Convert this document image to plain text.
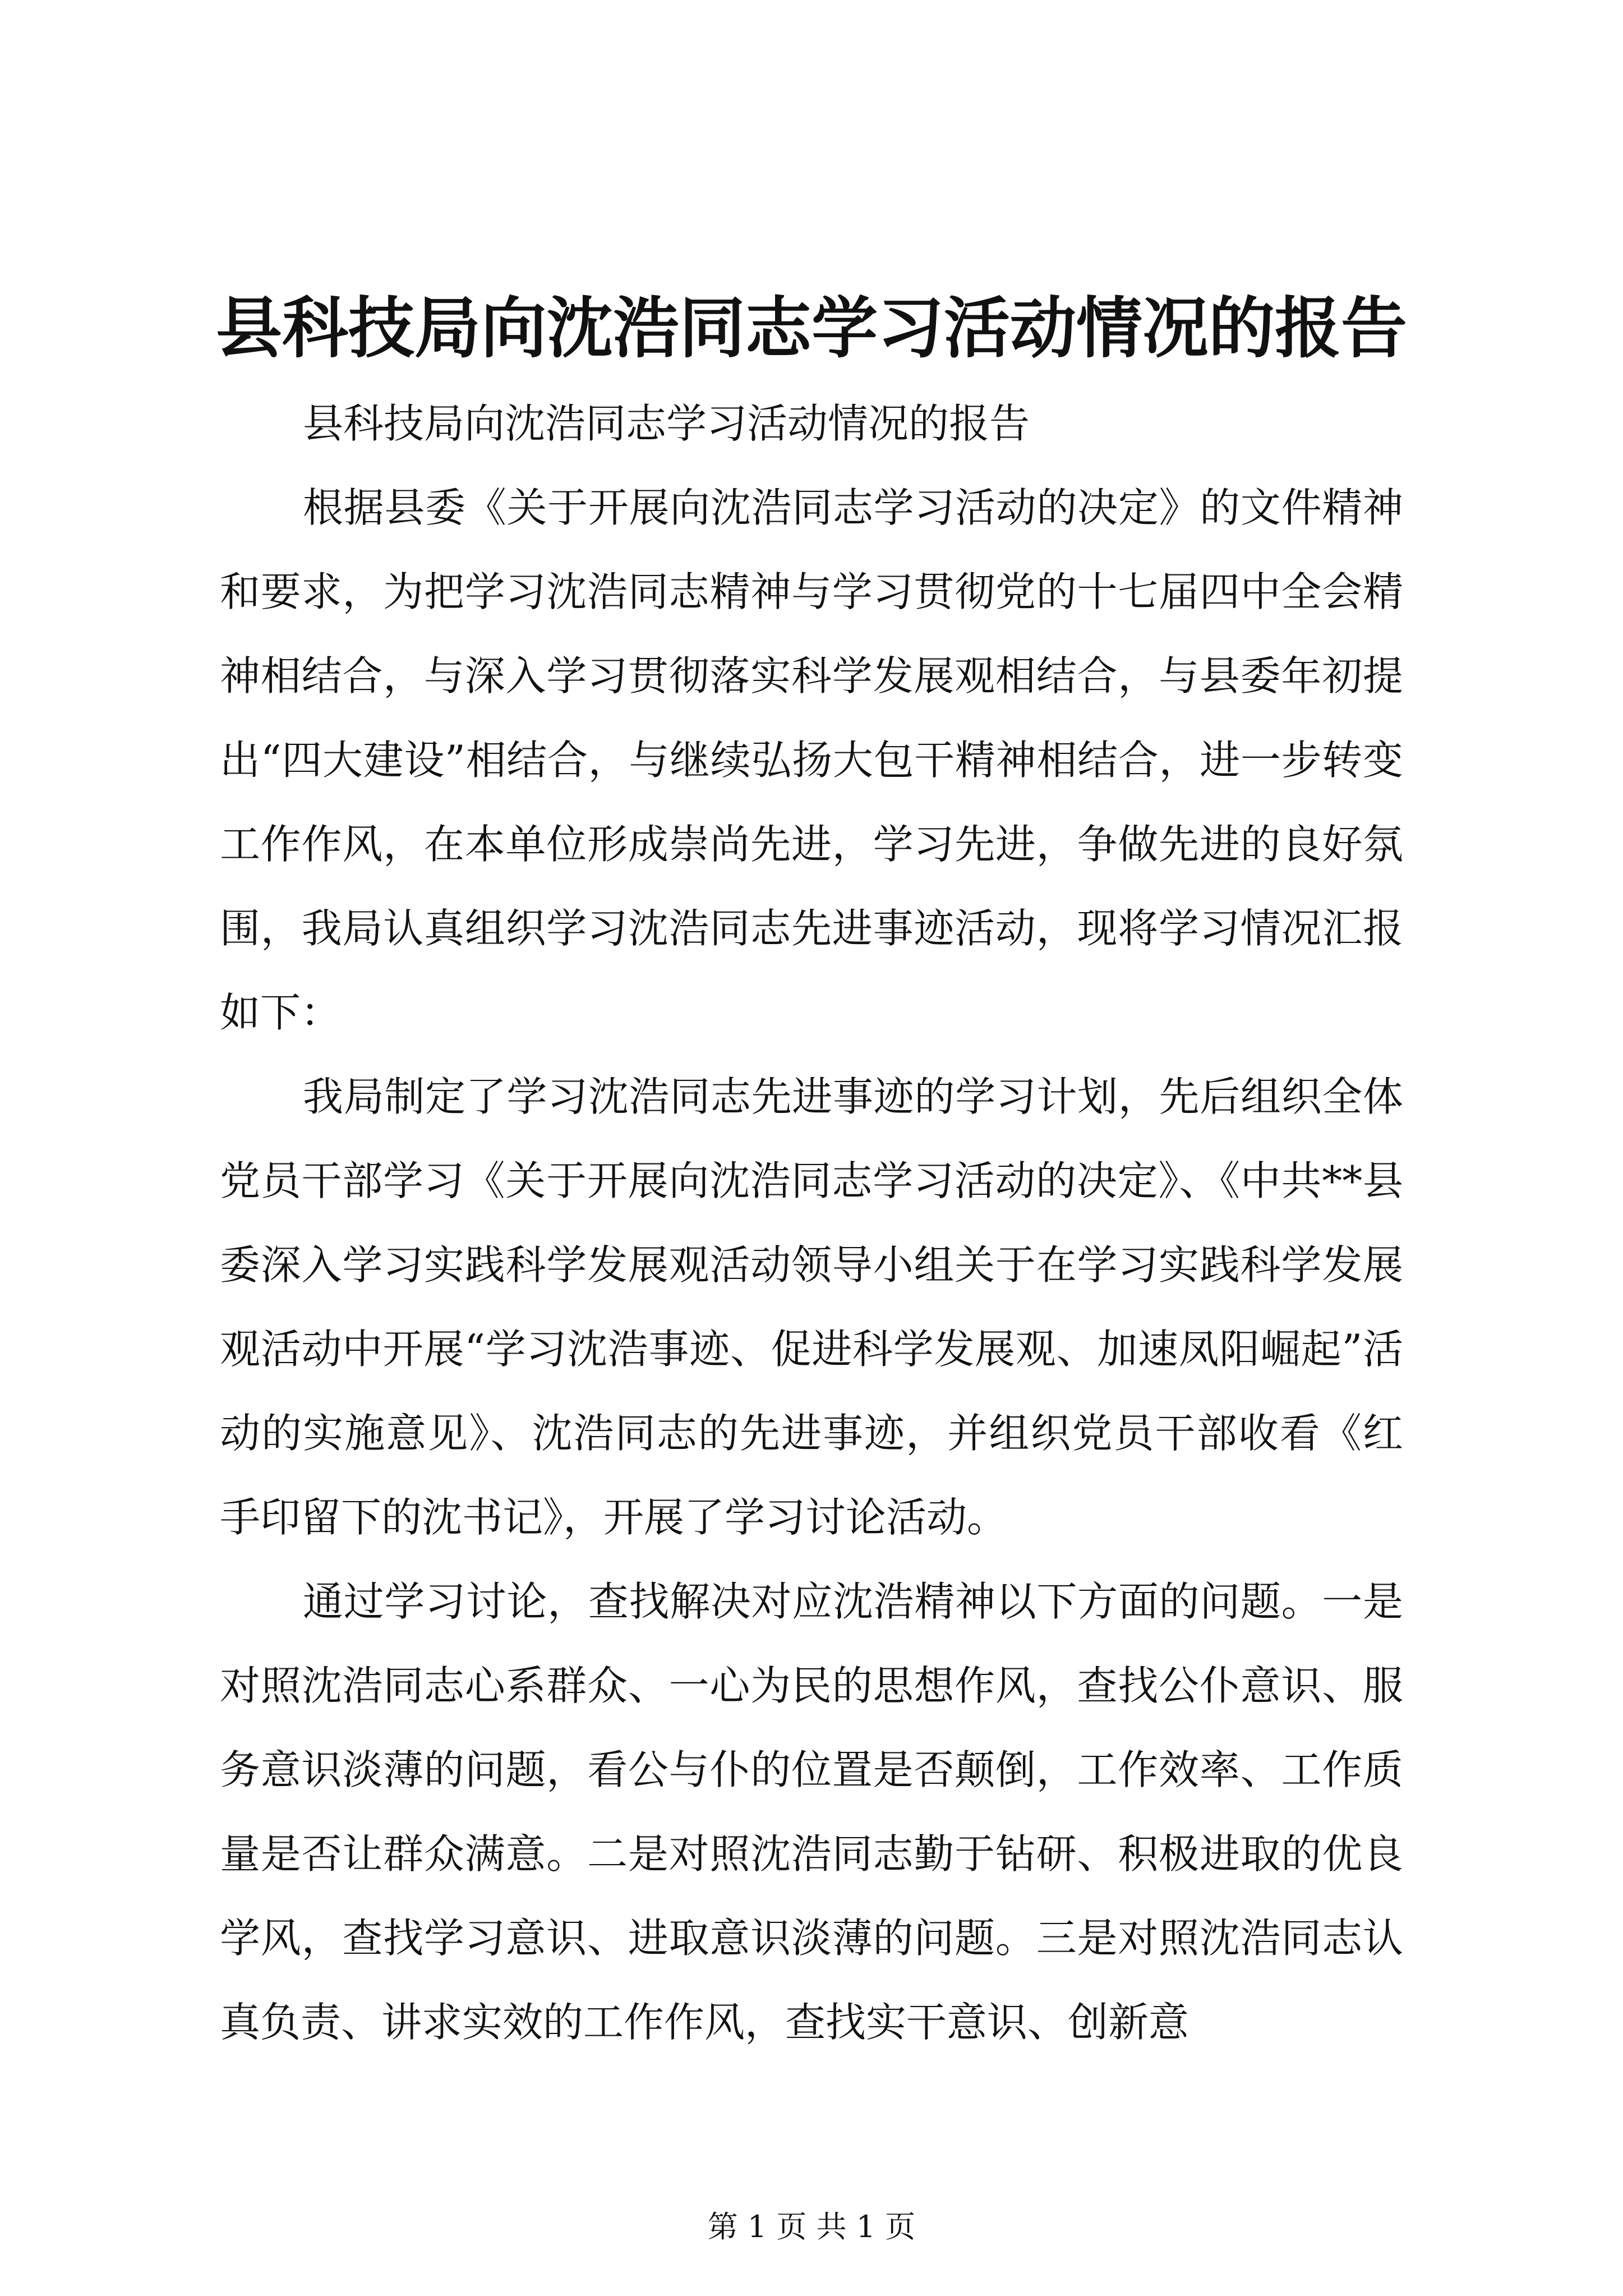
县科技局向沈浩同志学习活动情况的报告

县科技局向沈浩同志学习活动情况的报告

根据县委《关于开展向沈浩同志学习活动的决定》的文件精神和要求，为把学习沈浩同志精神与学习贯彻党的十七届四中全会精神相结合，与深入学习贯彻落实科学发展观相结合，与县委年初提出“四大建设”相结合，与继续弘扬大包干精神相结合，进一步转变工作作风，在本单位形成崇尚先进，学习先进，争做先进的良好氛围，我局认真组织学习沈浩同志先进事迹活动，现将学习情况汇报如下：

我局制定了学习沈浩同志先进事迹的学习计划，先后组织全体党员干部学习《关于开展向沈浩同志学习活动的决定》、《中共**县委深入学习实践科学发展观活动领导小组关于在学习实践科学发展观活动中开展“学习沈浩事迹、促进科学发展观、加速凤阳崛起”活动的实施意见》、沈浩同志的先进事迹，并组织党员干部收看《红手印留下的沈书记》，开展了学习讨论活动。

通过学习讨论，查找解决对应沈浩精神以下方面的问题。一是对照沈浩同志心系群众、一心为民的思想作风，查找公仆意识、服务意识淡薄的问题，看公与仆的位置是否颠倒，工作效率、工作质量是否让群众满意。二是对照沈浩同志勤于钻研、积极进取的优良学风，查找学习意识、进取意识淡薄的问题。三是对照沈浩同志认真负责、讲求实效的工作作风，查找实干意识、创新意

第 1 页 共 1 页
